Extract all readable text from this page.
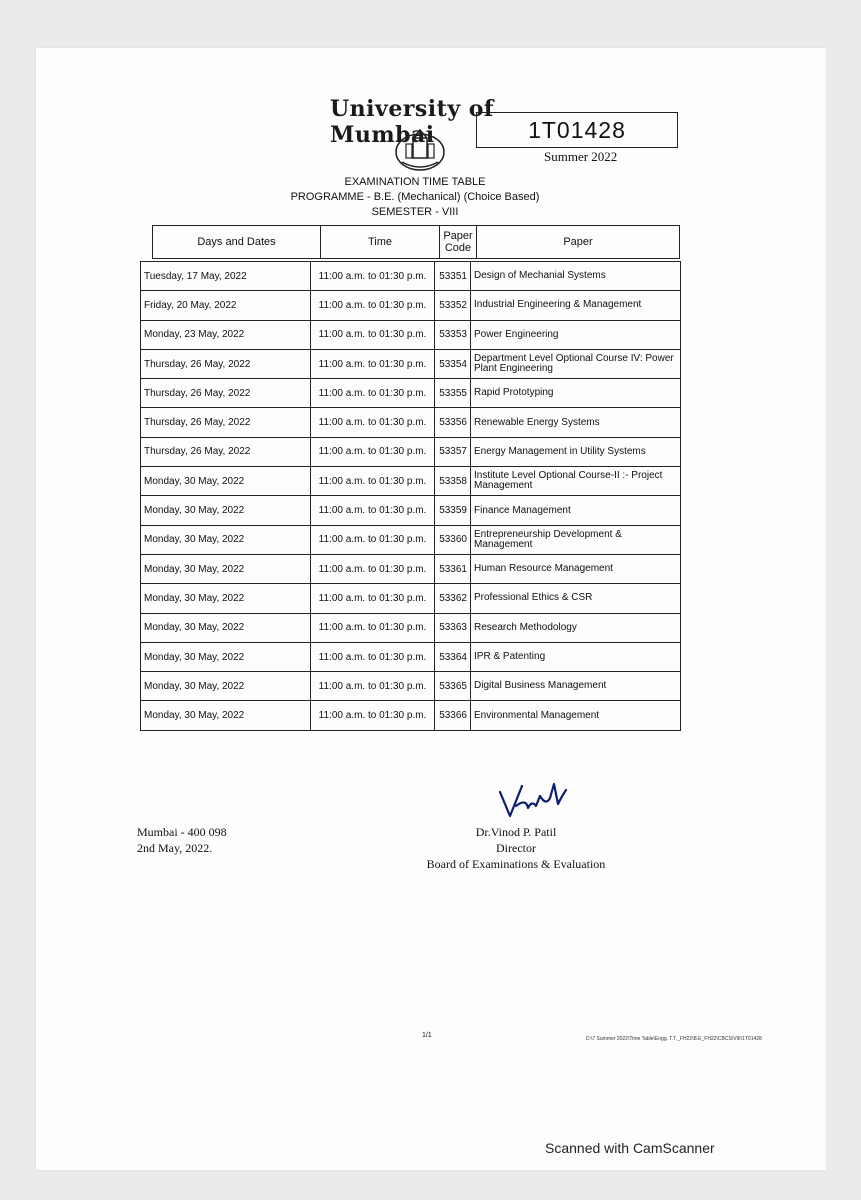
University of Mumbai	1T01428
Summer 2022
EXAMINATION TIME TABLE
PROGRAMME - B.E. (Mechanical) (Choice Based)
SEMESTER - VIII
Days and Dates	Time	Paper Code	Paper
Tuesday, 17 May, 2022	11:00 a.m. to 01:30 p.m.	53351 Design of Mechanial Systems
Friday, 20 May, 2022	11:00 a.m. to 01:30 p.m.	53352 Industrial Engineering & Management
Monday, 23 May, 2022	11:00 a.m. to 01:30 p.m.	53353 Power Engineering
Thursday, 26 May, 2022	11:00 a.m. to 01:30 p.m.	53354 Department Level Optional Course IV: Power Plant Engineering
Thursday, 26 May, 2022	11:00 a.m. to 01:30 p.m.	53355 Rapid Prototyping
Thursday, 26 May, 2022	11:00 a.m. to 01:30 p.m.	53356 Renewable Energy Systems
Thursday, 26 May, 2022	11:00 a.m. to 01:30 p.m.	53357 Energy Management in Utility Systems
Monday, 30 May, 2022	11:00 a.m. to 01:30 p.m.	53358 Institute Level Optional Course-II :- Project Management
Monday, 30 May, 2022	11:00 a.m. to 01:30 p.m.	53359 Finance Management
Monday, 30 May, 2022	11:00 a.m. to 01:30 p.m.	53360 Entrepreneurship Development & Management
Monday, 30 May, 2022	11:00 a.m. to 01:30 p.m.	53361 Human Resource Management
Monday, 30 May, 2022	11:00 a.m. to 01:30 p.m.	53362 Professional Ethics & CSR
Monday, 30 May, 2022	11:00 a.m. to 01:30 p.m.	53363 Research Methodology
Monday, 30 May, 2022	11:00 a.m. to 01:30 p.m.	53364 IPR & Patenting
Monday, 30 May, 2022	11:00 a.m. to 01:30 p.m.	53365 Digital Business Management
Monday, 30 May, 2022	11:00 a.m. to 01:30 p.m.	53366 Environmental Management
Mumbai - 400 098
2nd May, 2022.
Dr.Vinod P. Patil
Director
Board of Examinations & Evaluation
1/1	D:\7 Summer 2022\Time Table\Engg. T.T._FH22\B.E_FH22\CBCS\VIII\1T01428
Scanned with CamScanner
